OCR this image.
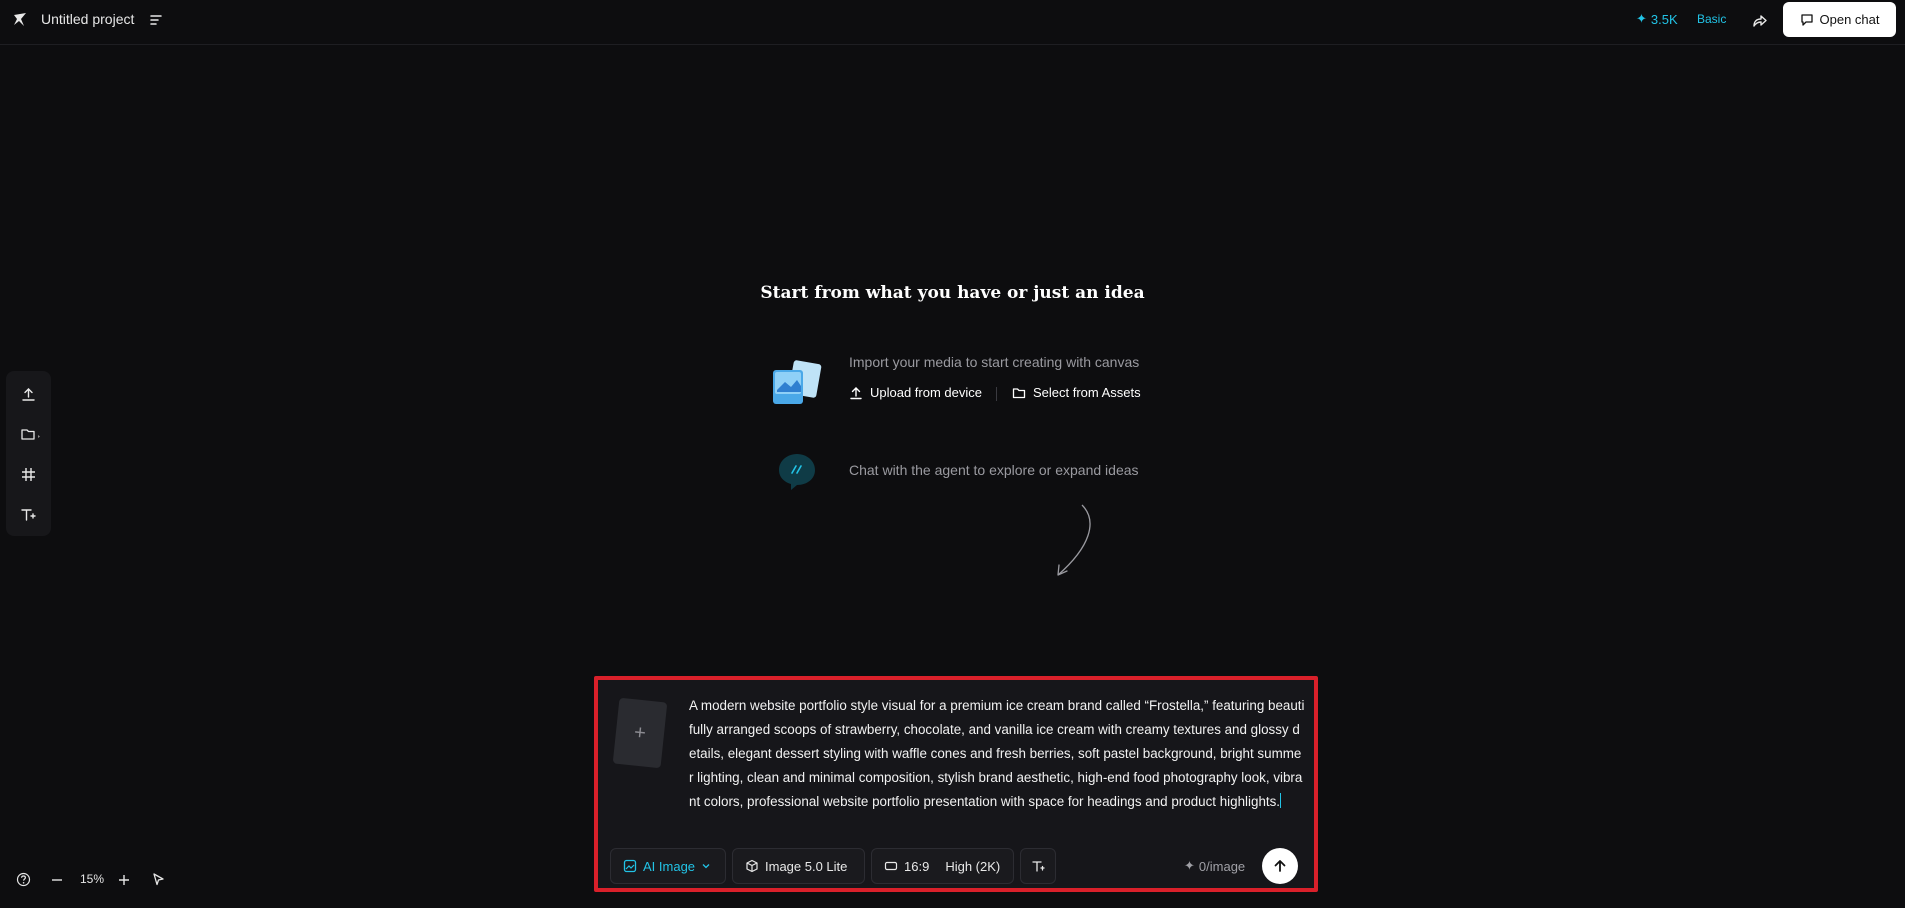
Untitled project	✦ 3.5K Basic	Open chat
Start from what you have or just an idea
Import your media to start creating with canvas
Upload from device	Select from Assets
Chat with the agent to explore or expand ideas
+
A modern website portfolio style visual for a premium ice cream brand called “Frostella,” featuring beautifully arranged scoops of strawberry, chocolate, and vanilla ice cream with creamy textures and glossy details, elegant dessert styling with waffle cones and fresh berries, soft pastel background, bright summer lighting, clean and minimal composition, stylish brand aesthetic, high-end food photography look, vibrant colors, professional website portfolio presentation with space for headings and product highlights.
AI Image	Image 5.0 Lite	16:9 High (2K)	✦ 0/image
15%
